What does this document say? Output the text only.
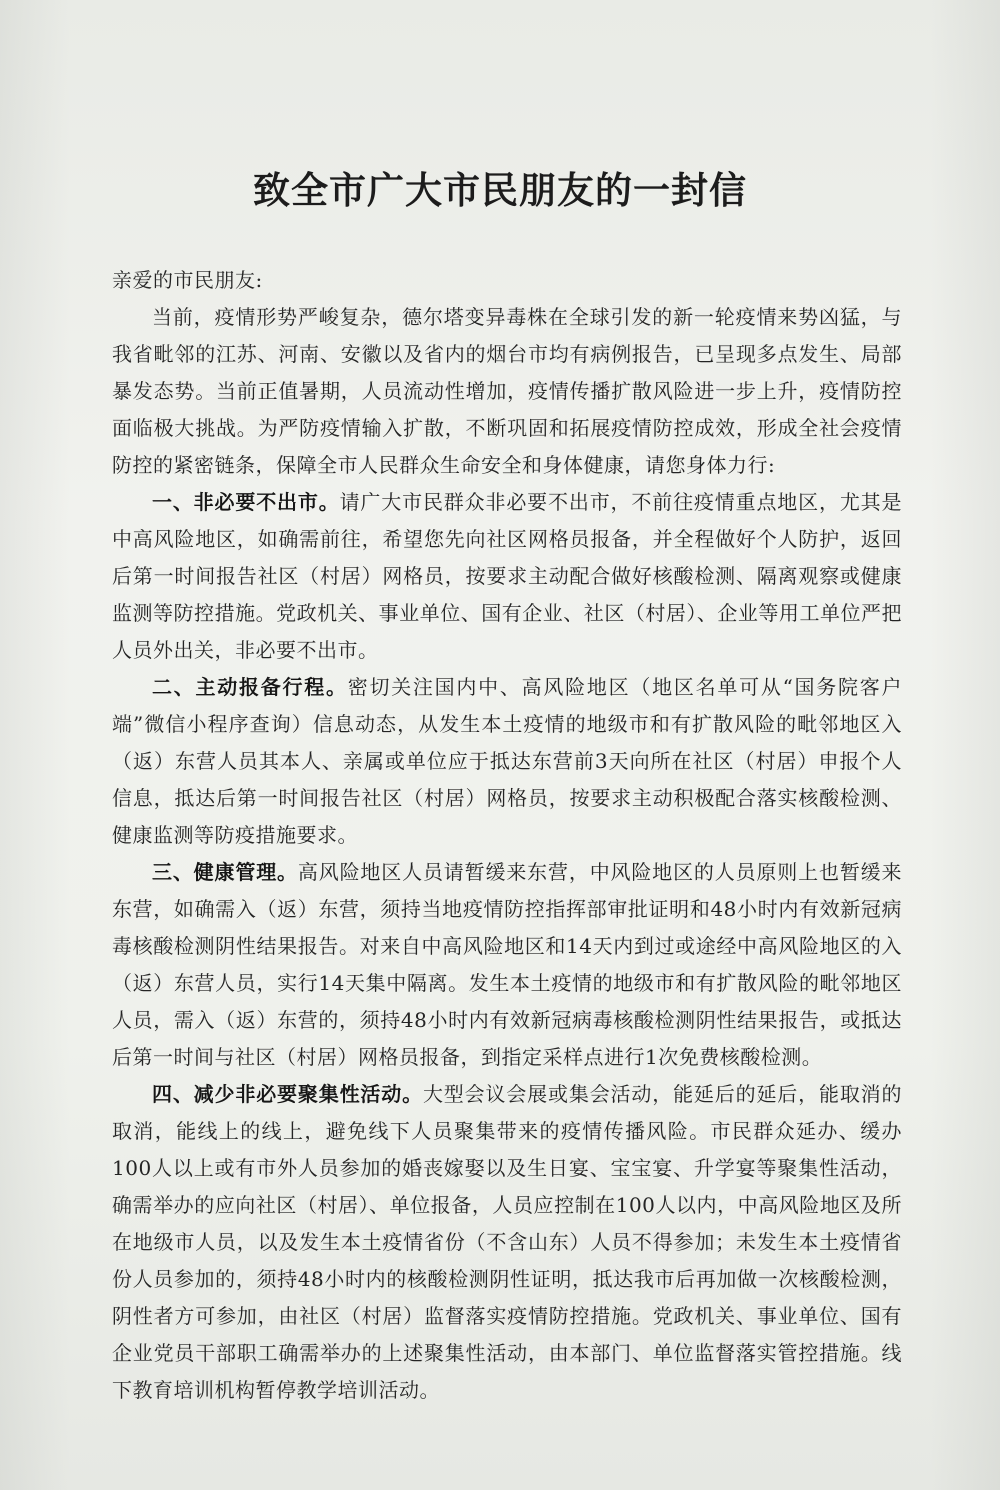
致全市广大市民朋友的一封信

亲爱的市民朋友:

当前，疫情形势严峻复杂，德尔塔变异毒株在全球引发的新一轮疫情来势凶猛，与我省毗邻的江苏、河南、安徽以及省内的烟台市均有病例报告，已呈现多点发生、局部暴发态势。当前正值暑期，人员流动性增加，疫情传播扩散风险进一步上升，疫情防控面临极大挑战。为严防疫情输入扩散，不断巩固和拓展疫情防控成效，形成全社会疫情防控的紧密链条，保障全市人民群众生命安全和身体健康，请您身体力行:

一、非必要不出市。请广大市民群众非必要不出市，不前往疫情重点地区，尤其是中高风险地区，如确需前往，希望您先向社区网格员报备，并全程做好个人防护，返回后第一时间报告社区（村居）网格员，按要求主动配合做好核酸检测、隔离观察或健康监测等防控措施。党政机关、事业单位、国有企业、社区（村居）、企业等用工单位严把人员外出关，非必要不出市。

二、主动报备行程。密切关注国内中、高风险地区（地区名单可从“国务院客户端”微信小程序查询）信息动态，从发生本土疫情的地级市和有扩散风险的毗邻地区入（返）东营人员其本人、亲属或单位应于抵达东营前3天向所在社区（村居）申报个人信息，抵达后第一时间报告社区（村居）网格员，按要求主动积极配合落实核酸检测、健康监测等防疫措施要求。

三、健康管理。高风险地区人员请暂缓来东营，中风险地区的人员原则上也暂缓来东营，如确需入（返）东营，须持当地疫情防控指挥部审批证明和48小时内有效新冠病毒核酸检测阴性结果报告。对来自中高风险地区和14天内到过或途经中高风险地区的入（返）东营人员，实行14天集中隔离。发生本土疫情的地级市和有扩散风险的毗邻地区人员，需入（返）东营的，须持48小时内有效新冠病毒核酸检测阴性结果报告，或抵达后第一时间与社区（村居）网格员报备，到指定采样点进行1次免费核酸检测。

四、减少非必要聚集性活动。大型会议会展或集会活动，能延后的延后，能取消的取消，能线上的线上，避免线下人员聚集带来的疫情传播风险。市民群众延办、缓办100人以上或有市外人员参加的婚丧嫁娶以及生日宴、宝宝宴、升学宴等聚集性活动，确需举办的应向社区（村居）、单位报备，人员应控制在100人以内，中高风险地区及所在地级市人员，以及发生本土疫情省份（不含山东）人员不得参加；未发生本土疫情省份人员参加的，须持48小时内的核酸检测阴性证明，抵达我市后再加做一次核酸检测，阴性者方可参加，由社区（村居）监督落实疫情防控措施。党政机关、事业单位、国有企业党员干部职工确需举办的上述聚集性活动，由本部门、单位监督落实管控措施。线下教育培训机构暂停教学培训活动。
